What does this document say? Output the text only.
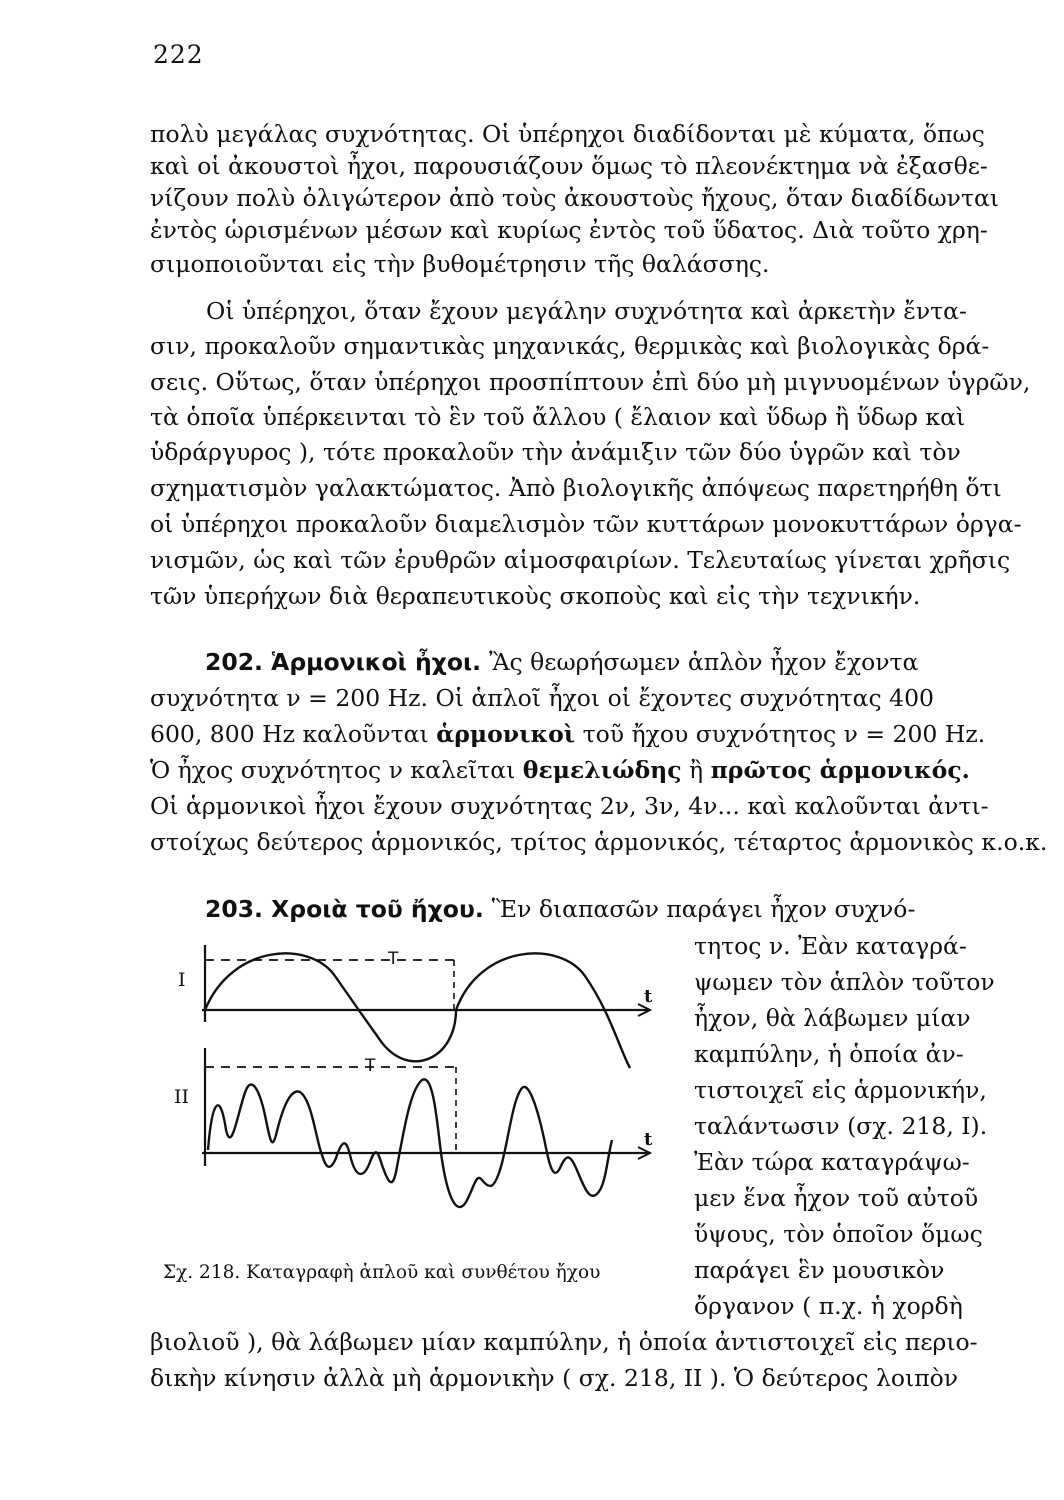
222

πολὺ μεγάλας συχνότητας. Οἱ ὑπέρηχοι διαδίδονται μὲ κύματα, ὅπως

καὶ οἱ ἀκουστοὶ ἦχοι, παρουσιάζουν ὅμως τὸ πλεονέκτημα νὰ ἐξασθε-

νίζουν πολὺ ὀλιγώτερον ἀπὸ τοὺς ἀκουστοὺς ἤχους, ὅταν διαδίδωνται

ἐντὸς ὡρισμένων μέσων καὶ κυρίως ἐντὸς τοῦ ὕδατος. Διὰ τοῦτο χρη-

σιμοποιοῦνται εἰς τὴν βυθομέτρησιν τῆς θαλάσσης.

Οἱ ὑπέρηχοι, ὅταν ἔχουν μεγάλην συχνότητα καὶ ἀρκετὴν ἔντα-

σιν, προκαλοῦν σημαντικὰς μηχανικάς, θερμικὰς καὶ βιολογικὰς δρά-

σεις. Οὕτως, ὅταν ὑπέρηχοι προσπίπτουν ἐπὶ δύο μὴ μιγνυομένων ὑγρῶν,

τὰ ὁποῖα ὑπέρκεινται τὸ ἓν τοῦ ἄλλου ( ἔλαιον καὶ ὕδωρ ἢ ὕδωρ καὶ

ὑδράργυρος ), τότε προκαλοῦν τὴν ἀνάμιξιν τῶν δύο ὑγρῶν καὶ τὸν

σχηματισμὸν γαλακτώματος. Ἀπὸ βιολογικῆς ἀπόψεως παρετηρήθη ὅτι

οἱ ὑπέρηχοι προκαλοῦν διαμελισμὸν τῶν κυττάρων μονοκυττάρων ὀργα-

νισμῶν, ὡς καὶ τῶν ἐρυθρῶν αἱμοσφαιρίων. Τελευταίως γίνεται χρῆσις

τῶν ὑπερήχων διὰ θεραπευτικοὺς σκοποὺς καὶ εἰς τὴν τεχνικήν.

202. Ἁρμονικοὶ ἦχοι. Ἂς θεωρήσωμεν ἁπλὸν ἦχον ἔχοντα

συχνότητα ν = 200 Hz. Οἱ ἁπλοῖ ἦχοι οἱ ἔχοντες συχνότητας 400

600, 800 Hz καλοῦνται ἁρμονικοὶ τοῦ ἤχου συχνότητος ν = 200 Hz.

Ὁ ἦχος συχνότητος ν καλεῖται θεμελιώδης ἢ πρῶτος ἁρμονικός.

Οἱ ἁρμονικοὶ ἦχοι ἔχουν συχνότητας 2ν, 3ν, 4ν... καὶ καλοῦνται ἀντι-

στοίχως δεύτερος ἁρμονικός, τρίτος ἁρμονικός, τέταρτος ἁρμονικὸς κ.ο.κ.

203. Χροιὰ τοῦ ἤχου. Ἓν διαπασῶν παράγει ἦχον συχνό-

τητος ν. Ἐὰν καταγρά-

ψωμεν τὸν ἁπλὸν τοῦτον

ἦχον, θὰ λάβωμεν μίαν

καμπύλην, ἡ ὁποία ἀν-

τιστοιχεῖ εἰς ἁρμονικήν,

ταλάντωσιν (σχ. 218, I).

Ἐὰν τώρα καταγράψω-

μεν ἕνα ἦχον τοῦ αὐτοῦ

ὕψους, τὸν ὁποῖον ὅμως

παράγει ἓν μουσικὸν

ὄργανον ( π.χ. ἡ χορδὴ

βιολιοῦ ), θὰ λάβωμεν μίαν καμπύλην, ἡ ὁποία ἀντιστοιχεῖ εἰς περιο-

δικὴν κίνησιν ἀλλὰ μὴ ἁρμονικὴν ( σχ. 218, II ). Ὁ δεύτερος λοιπὸν

I
II
T
T
t
t
Σχ. 218. Καταγραφὴ ἁπλοῦ καὶ συνθέτου ἤχου
